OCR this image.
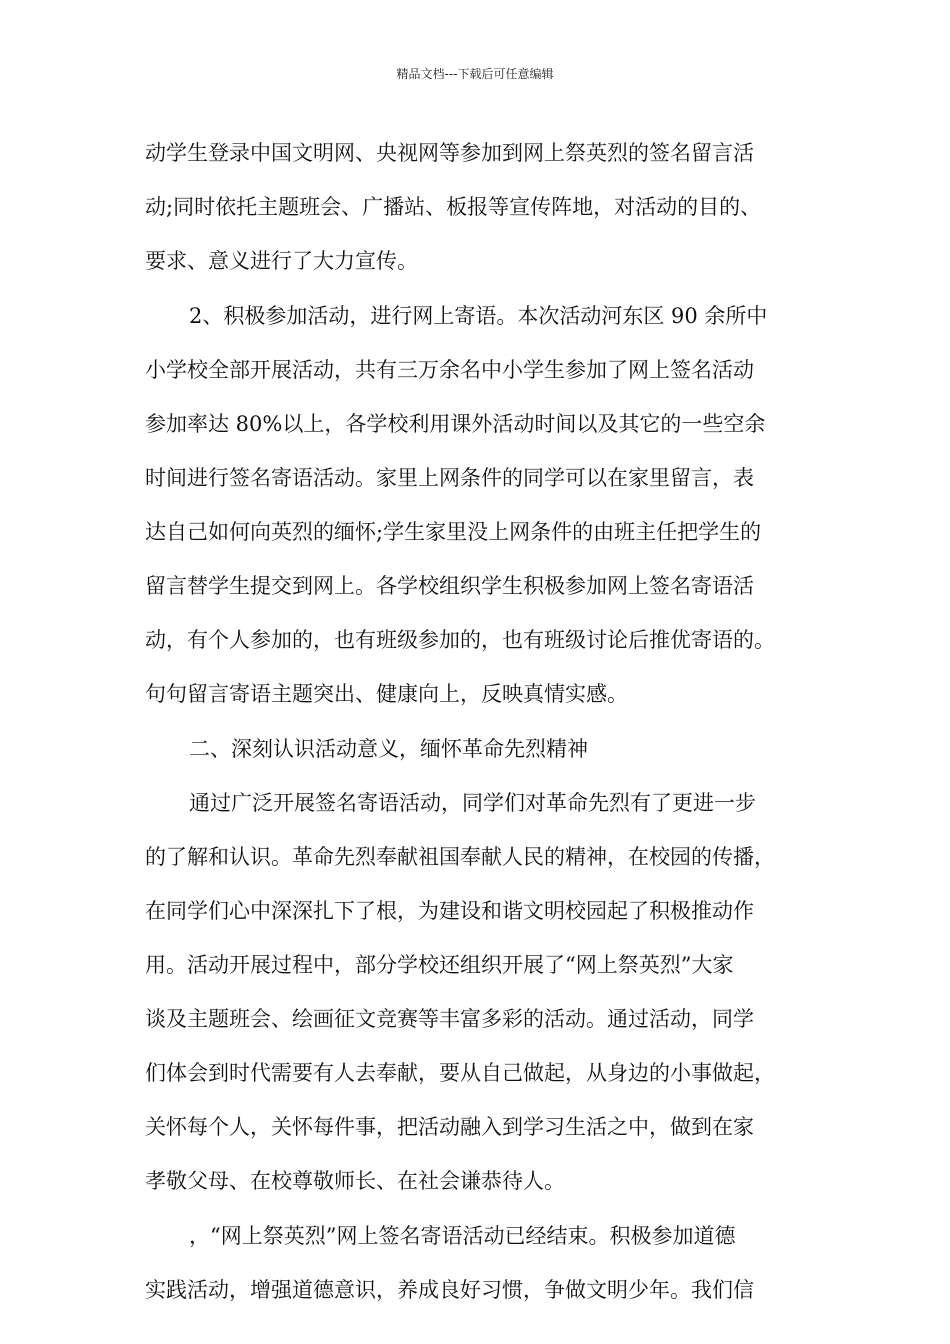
精品文档---下载后可任意编辑
动学生登录中国文明网、央视网等参加到网上祭英烈的签名留言活
动;同时依托主题班会、广播站、板报等宣传阵地，对活动的目的、
要求、意义进行了大力宣传。
2、积极参加活动，进行网上寄语。本次活动河东区 90 余所中
小学校全部开展活动，共有三万余名中小学生参加了网上签名活动
参加率达 80%以上，各学校利用课外活动时间以及其它的一些空余
时间进行签名寄语活动。家里上网条件的同学可以在家里留言，表
达自己如何向英烈的缅怀;学生家里没上网条件的由班主任把学生的
留言替学生提交到网上。各学校组织学生积极参加网上签名寄语活
动，有个人参加的，也有班级参加的，也有班级讨论后推优寄语的。
句句留言寄语主题突出、健康向上，反映真情实感。
二、深刻认识活动意义，缅怀革命先烈精神
通过广泛开展签名寄语活动，同学们对革命先烈有了更进一步
的了解和认识。革命先烈奉献祖国奉献人民的精神，在校园的传播，
在同学们心中深深扎下了根，为建设和谐文明校园起了积极推动作
用。活动开展过程中，部分学校还组织开展了“网上祭英烈”大家
谈及主题班会、绘画征文竞赛等丰富多彩的活动。通过活动，同学
们体会到时代需要有人去奉献，要从自己做起，从身边的小事做起，
关怀每个人，关怀每件事，把活动融入到学习生活之中，做到在家
孝敬父母、在校尊敬师长、在社会谦恭待人。
，“网上祭英烈”网上签名寄语活动已经结束。积极参加道德
实践活动，增强道德意识，养成良好习惯，争做文明少年。我们信
